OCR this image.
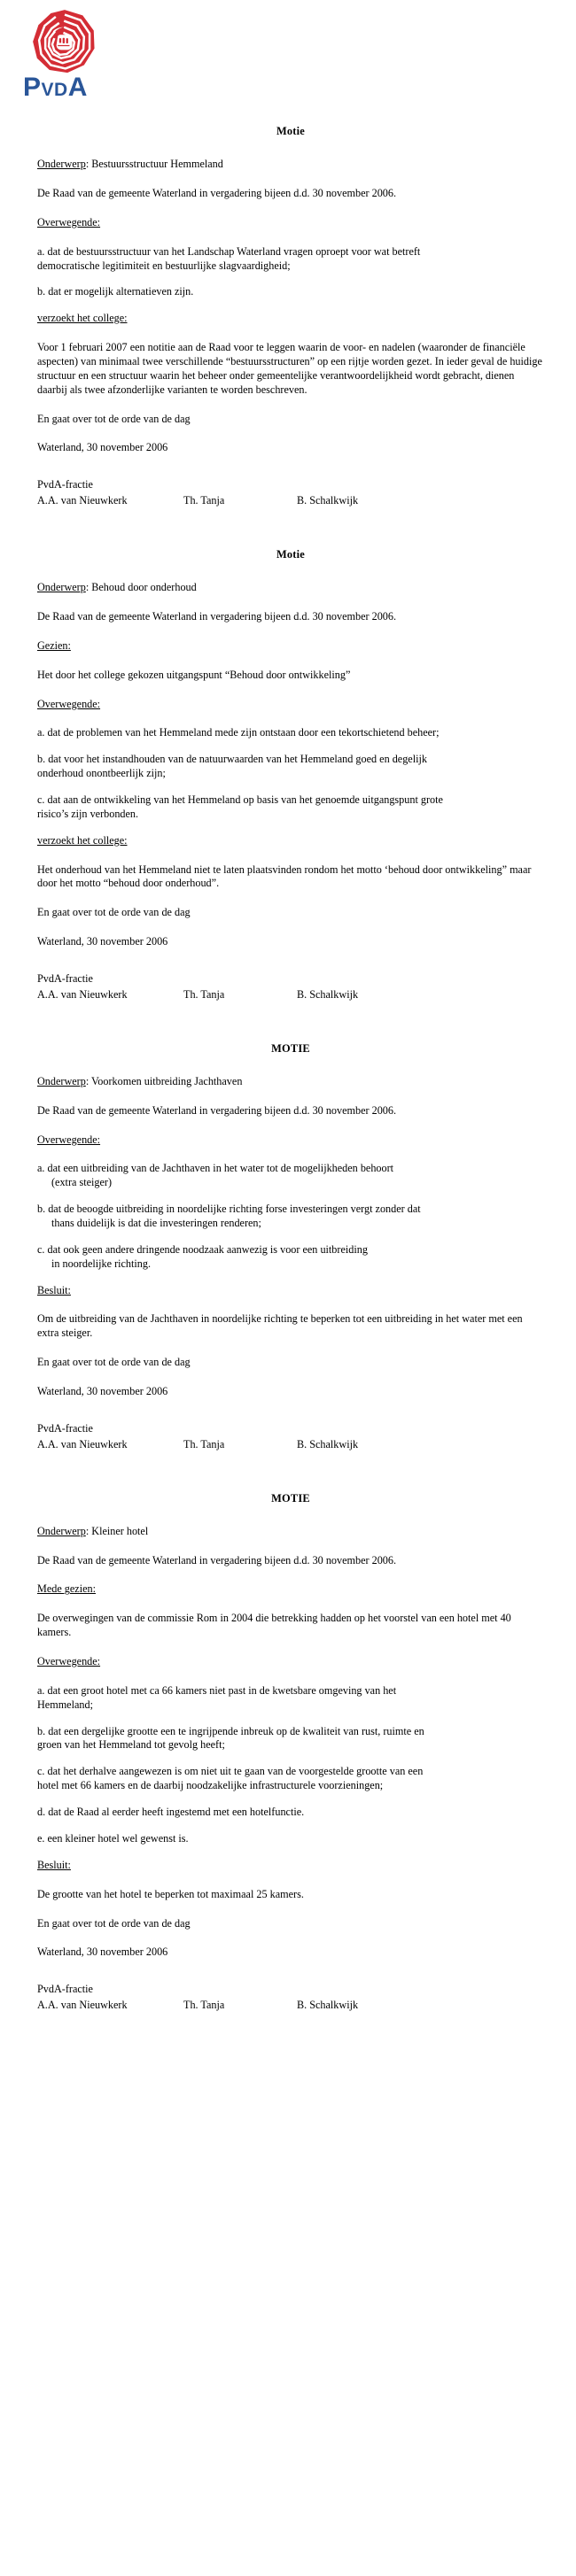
PVDA
Motie
Onderwerp: Bestuursstructuur Hemmeland
De Raad van de gemeente Waterland in vergadering bijeen d.d. 30 november 2006.
Overwegende:
a. dat de bestuursstructuur van het Landschap Waterland vragen oproept voor wat betreft
democratische legitimiteit en bestuurlijke slagvaardigheid;
b. dat er mogelijk alternatieven zijn.
verzoekt het college:
Voor 1 februari 2007 een notitie aan de Raad voor te leggen waarin de voor- en nadelen (waaronder de financiële aspecten) van minimaal twee verschillende “bestuursstructuren” op een rijtje worden gezet. In ieder geval de huidige structuur en een structuur waarin het beheer onder gemeentelijke verantwoordelijkheid wordt gebracht, dienen daarbij als twee afzonderlijke varianten te worden beschreven.
En gaat over tot de orde van de dag
Waterland, 30 november 2006
PvdA-fractie
A.A. van Nieuwkerk	Th. Tanja	B. Schalkwijk
Motie
Onderwerp: Behoud door onderhoud
De Raad van de gemeente Waterland in vergadering bijeen d.d. 30 november 2006.
Gezien:
Het door het college gekozen uitgangspunt “Behoud door ontwikkeling”
Overwegende:
a. dat de problemen van het Hemmeland mede zijn ontstaan door een tekortschietend beheer;
b. dat voor het instandhouden van de natuurwaarden van het Hemmeland goed en degelijk
onderhoud onontbeerlijk zijn;
c. dat aan de ontwikkeling van het Hemmeland op basis van het genoemde uitgangspunt grote
risico’s zijn verbonden.
verzoekt het college:
Het onderhoud van het Hemmeland niet te laten plaatsvinden rondom het motto ‘behoud door ontwikkeling” maar door het motto “behoud door onderhoud”.
En gaat over tot de orde van de dag
Waterland, 30 november 2006
PvdA-fractie
A.A. van Nieuwkerk	Th. Tanja	B. Schalkwijk
MOTIE
Onderwerp: Voorkomen uitbreiding Jachthaven
De Raad van de gemeente Waterland in vergadering bijeen d.d. 30 november 2006.
Overwegende:
a. dat een uitbreiding van de Jachthaven in het water tot de mogelijkheden behoort
(extra steiger)
b. dat de beoogde uitbreiding in noordelijke richting forse investeringen vergt zonder dat
thans duidelijk is dat die investeringen renderen;
c. dat ook geen andere dringende noodzaak aanwezig is voor een uitbreiding
in noordelijke richting.
Besluit:
Om de uitbreiding van de Jachthaven in noordelijke richting te beperken tot een uitbreiding in het water met een extra steiger.
En gaat over tot de orde van de dag
Waterland, 30 november 2006
PvdA-fractie
A.A. van Nieuwkerk	Th. Tanja	B. Schalkwijk
MOTIE
Onderwerp: Kleiner hotel
De Raad van de gemeente Waterland in vergadering bijeen d.d. 30 november 2006.
Mede gezien:
De overwegingen van de commissie Rom in 2004 die betrekking hadden op het voorstel van een hotel met 40 kamers.
Overwegende:
a. dat een groot hotel met ca 66 kamers niet past in de kwetsbare omgeving van het
Hemmeland;
b. dat een dergelijke grootte een te ingrijpende inbreuk op de kwaliteit van rust, ruimte en
groen van het Hemmeland tot gevolg heeft;
c. dat het derhalve aangewezen is om niet uit te gaan van de voorgestelde grootte van een
hotel met 66 kamers en de daarbij noodzakelijke infrastructurele voorzieningen;
d. dat de Raad al eerder heeft ingestemd met een hotelfunctie.
e. een kleiner hotel wel gewenst is.
Besluit:
De grootte van het hotel te beperken tot maximaal 25 kamers.
En gaat over tot de orde van de dag
Waterland, 30 november 2006
PvdA-fractie
A.A. van Nieuwkerk	Th. Tanja	B. Schalkwijk
